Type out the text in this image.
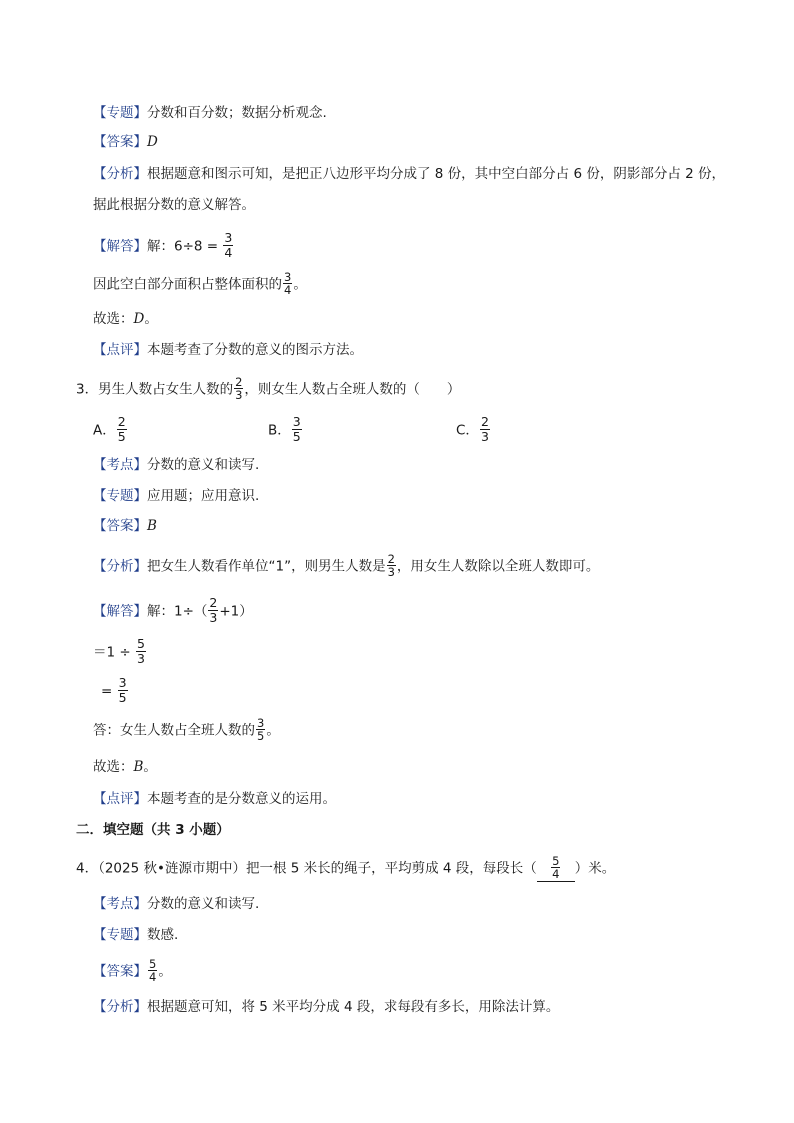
【专题】分数和百分数；数据分析观念.
【答案】D
【分析】根据题意和图示可知，是把正八边形平均分成了 8 份，其中空白部分占 6 份，阴影部分占 2 份，
据此根据分数的意义解答。
【解答】解：$6\div 8 = \frac{3}{4}$
因此空白部分面积占整体面积的 $\frac{3}{4}$ 。
故选：D。
【点评】本题考查了分数的意义的图示方法。
3．男生人数占女生人数的 $\frac{2}{3}$ ，则女生人数占全班人数的（　　）
A． $\frac{2}{5}$	B． $\frac{3}{5}$	C． $\frac{2}{3}$
【考点】分数的意义和读写.
【专题】应用题；应用意识.
【答案】B
【分析】把女生人数看作单位“1”，则男生人数是 $\frac{2}{3}$ ，用女生人数除以全班人数即可。
【解答】解：$1\div( \frac{2}{3} +1)$
$=1 \div \frac{5}{3}$
= $\frac{3}{5}$
答：女生人数占全班人数的 $\frac{3}{5}$ 。
故选：B。
【点评】本题考查的是分数意义的运用。
二．填空题（共 3 小题）
4．（2025 秋•涟源市期中）把一根 5 米长的绳子，平均剪成 4 段，每段长（ $\frac{5}{4}$ ）米。
【考点】分数的意义和读写.
【专题】数感.
【答案】 $\frac{5}{4}$ 。
【分析】根据题意可知，将 5 米平均分成 4 段，求每段有多长，用除法计算。
